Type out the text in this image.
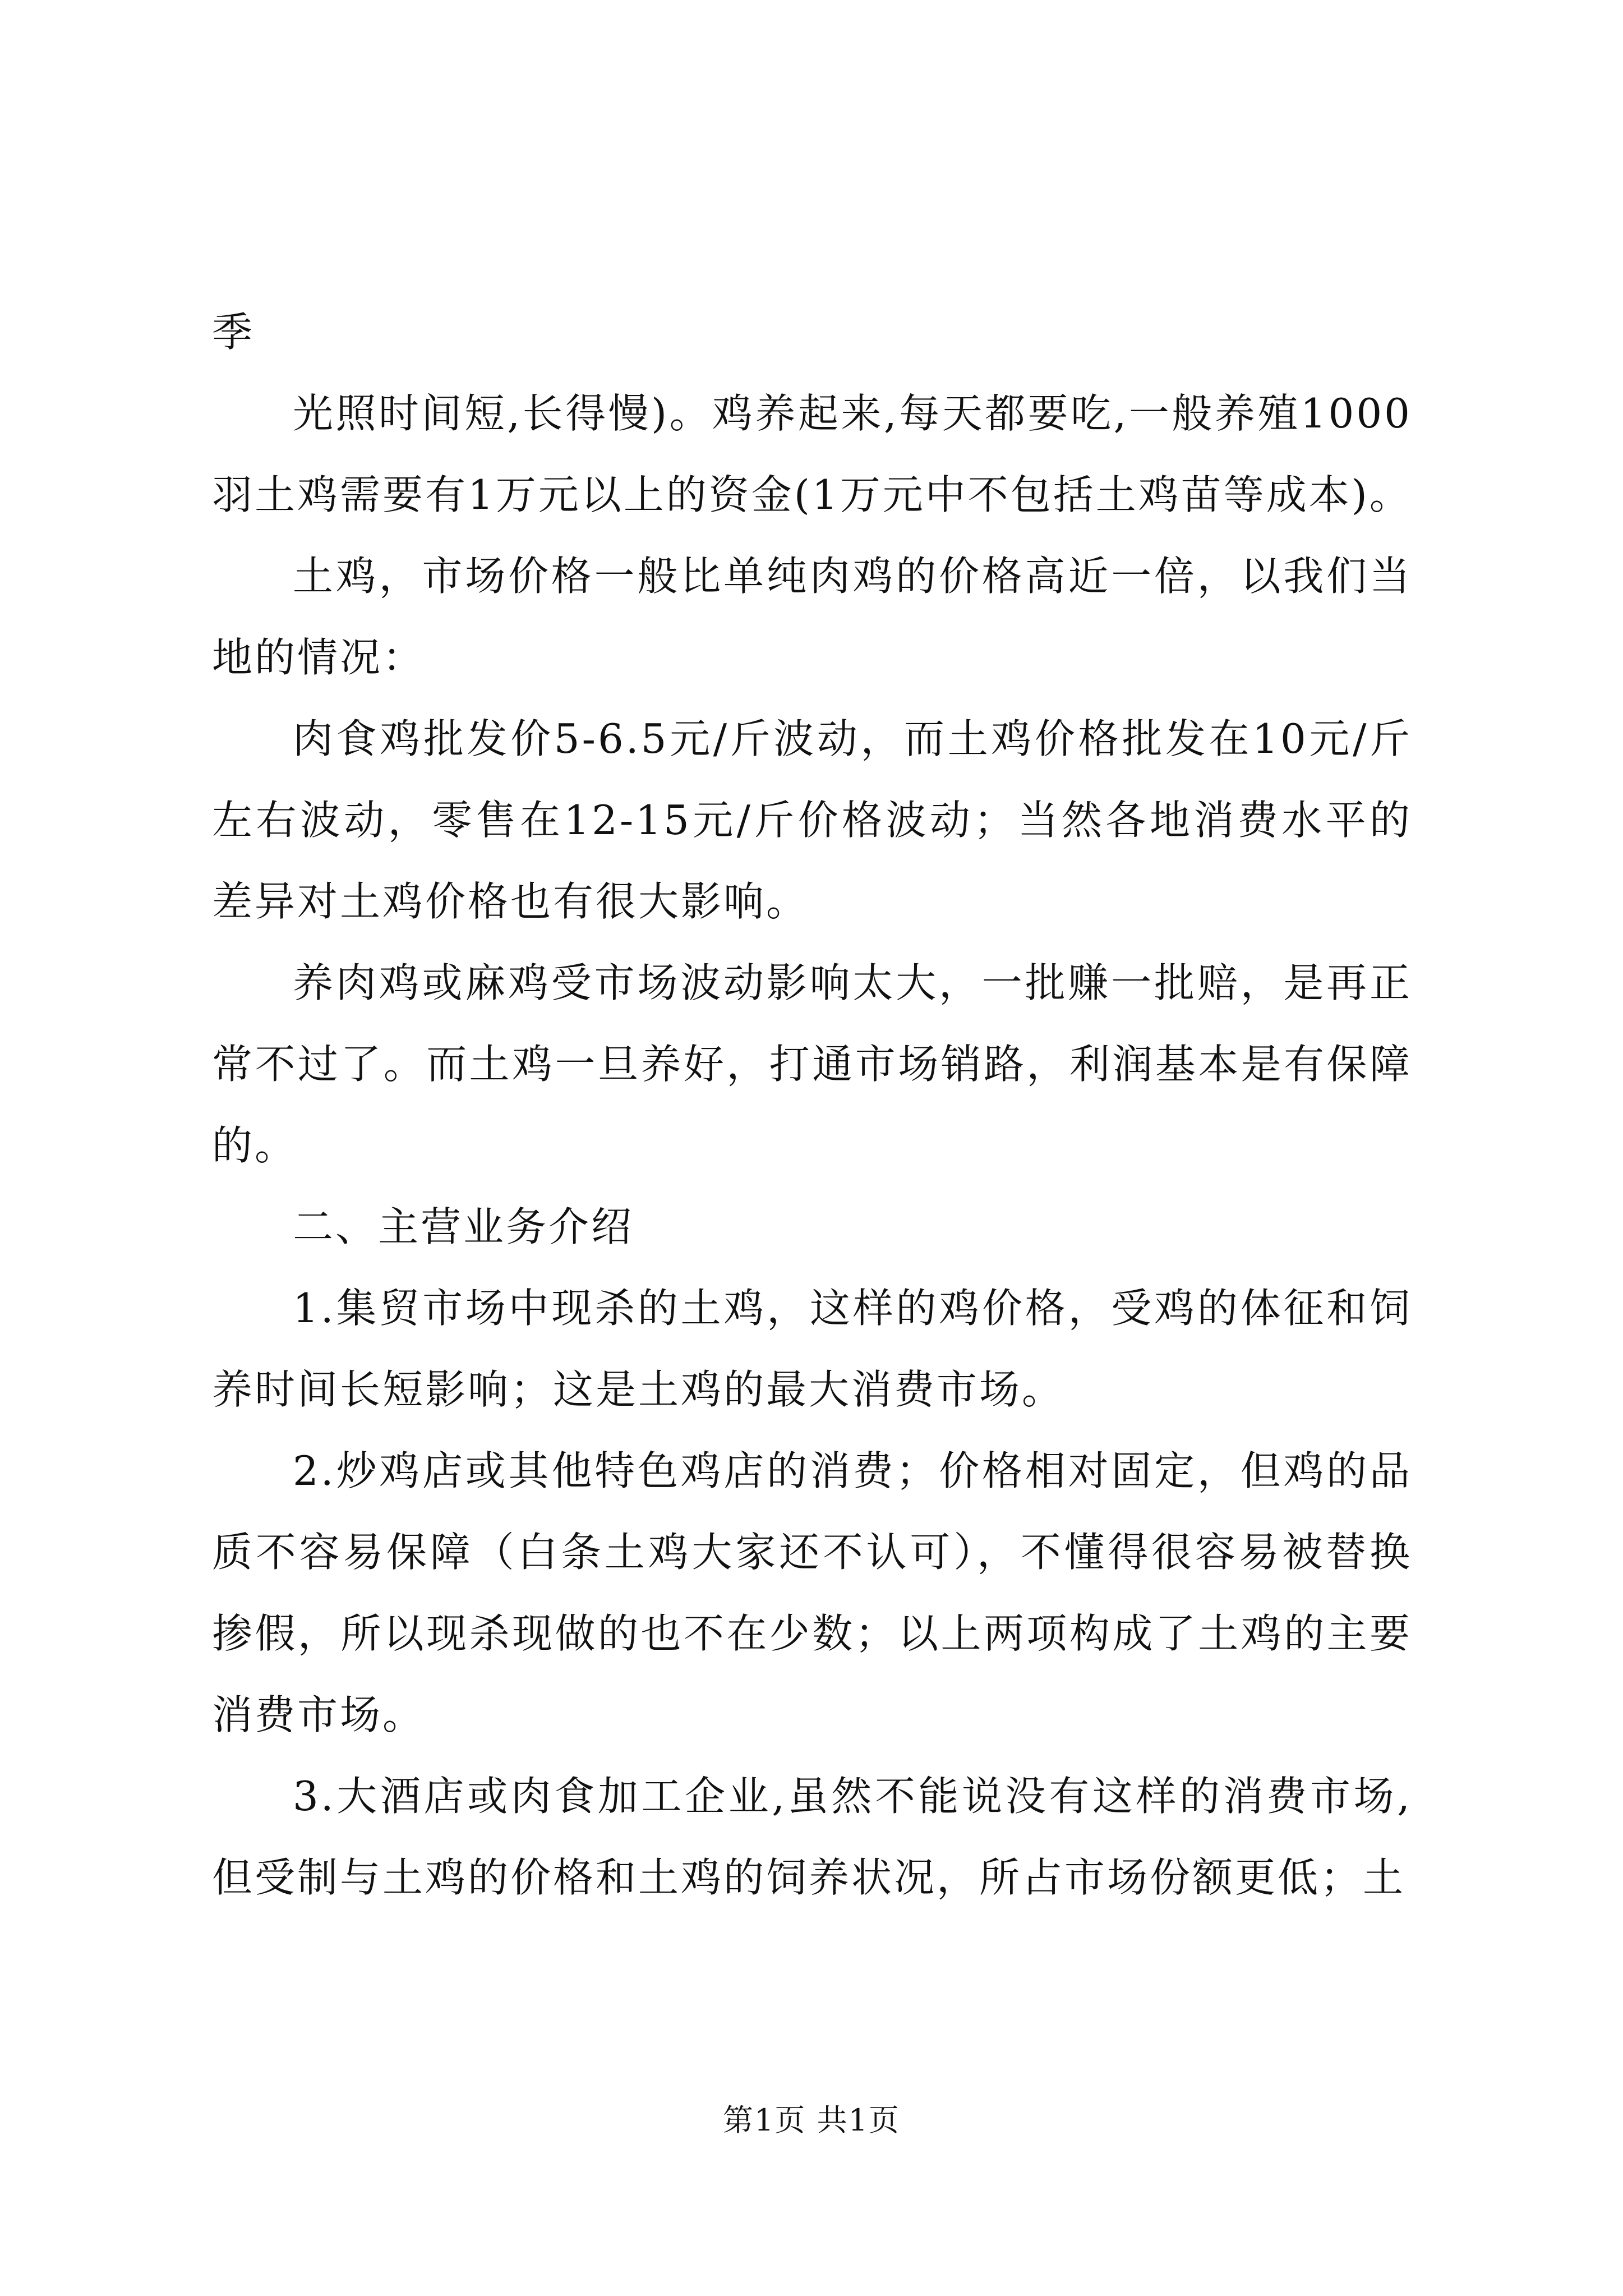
季

光照时间短,长得慢)。鸡养起来,每天都要吃,一般养殖1000羽土鸡需要有1万元以上的资金(1万元中不包括土鸡苗等成本)。

土鸡，市场价格一般比单纯肉鸡的价格高近一倍，以我们当地的情况：

肉食鸡批发价5-6.5元/斤波动，而土鸡价格批发在10元/斤左右波动，零售在12-15元/斤价格波动；当然各地消费水平的差异对土鸡价格也有很大影响。

养肉鸡或麻鸡受市场波动影响太大，一批赚一批赔，是再正常不过了。而土鸡一旦养好，打通市场销路，利润基本是有保障的。

二、主营业务介绍

1.集贸市场中现杀的土鸡，这样的鸡价格，受鸡的体征和饲养时间长短影响；这是土鸡的最大消费市场。

2.炒鸡店或其他特色鸡店的消费；价格相对固定，但鸡的品质不容易保障（白条土鸡大家还不认可），不懂得很容易被替换掺假，所以现杀现做的也不在少数；以上两项构成了土鸡的主要消费市场。

3.大酒店或肉食加工企业,虽然不能说没有这样的消费市场,但受制与土鸡的价格和土鸡的饲养状况，所占市场份额更低；土

第1页 共1页
